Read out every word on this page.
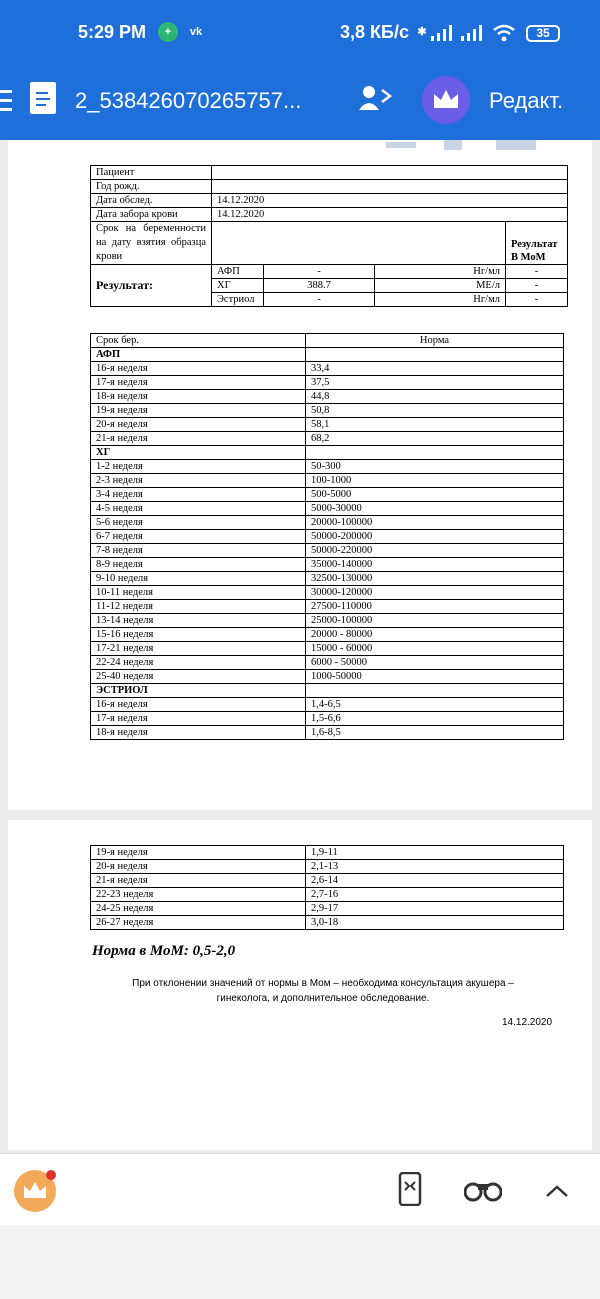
5:29 PM	+	vk	3,8 КБ/с ✱	35
2_538426070265757...	Редакт.
Пациент				
Год рожд.				
Дата обслед.	14.12.2020			
Дата забора крови	14.12.2020			
Срок на беременности на дату взятия образца крови				Результат В МоМ
Результат:	АФП	-	Нг/мл	-
	ХГ	388.7	МЕ/л	-
	Эстриол	-	Нг/мл	-
Срок бер.	Норма
АФП	
16-я неделя	33,4
17-я неделя	37,5
18-я неделя	44,8
19-я неделя	50,8
20-я неделя	58,1
21-я неделя	68,2
ХГ	
1-2 неделя	50-300
2-3 неделя	100-1000
3-4 неделя	500-5000
4-5 неделя	5000-30000
5-6 неделя	20000-100000
6-7 неделя	50000-200000
7-8 неделя	50000-220000
8-9 неделя	35000-140000
9-10 неделя	32500-130000
10-11 неделя	30000-120000
11-12 неделя	27500-110000
13-14 неделя	25000-100000
15-16 неделя	20000 - 80000
17-21 неделя	15000 - 60000
22-24 неделя	6000 - 50000
25-40 неделя	1000-50000
ЭСТРИОЛ	
16-я неделя	1,4-6,5
17-я неделя	1,5-6,6
18-я неделя	1,6-8,5
19-я неделя	1,9-11
20-я неделя	2,1-13
21-я неделя	2,6-14
22-23 неделя	2,7-16
24-25 неделя	2,9-17
26-27 неделя	3,0-18
Норма в МоМ: 0,5-2,0
При отклонении значений от нормы в Мом – необходима консультация акушера – гинеколога, и дополнительное обследование.
14.12.2020
